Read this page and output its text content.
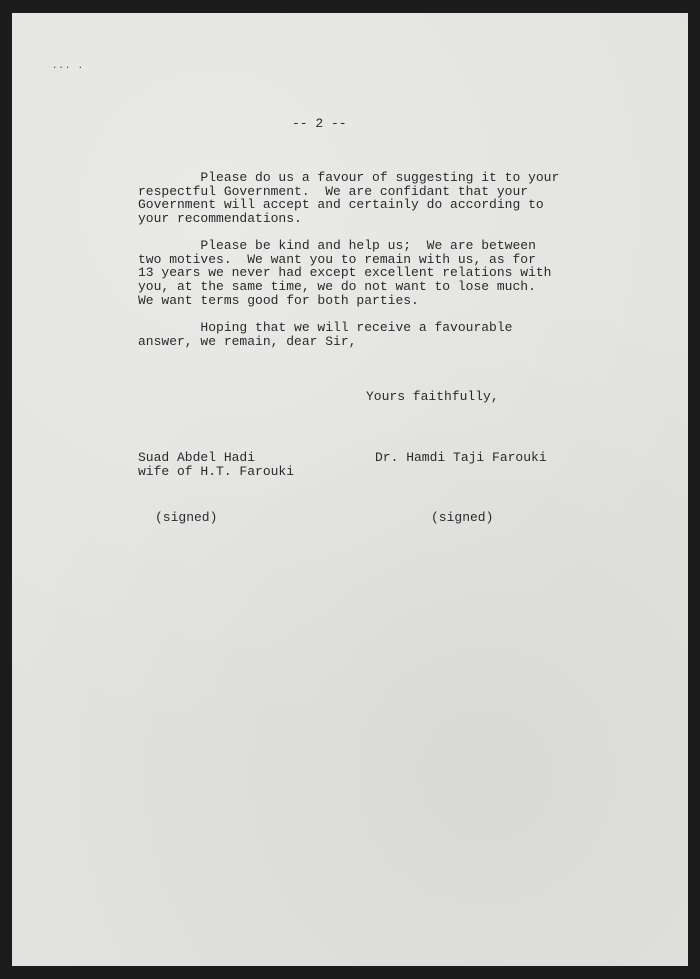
... .

-- 2 --

Please do us a favour of suggesting it to your
respectful Government.  We are confidant that your
Government will accept and certainly do according to
your recommendations.

Please be kind and help us;  We are between
two motives.  We want you to remain with us, as for
13 years we never had except excellent relations with
you, at the same time, we do not want to lose much.
We want terms good for both parties.

Hoping that we will receive a favourable
answer, we remain, dear Sir,

Yours faithfully,

Suad Abdel Hadi

wife of H.T. Farouki

Dr. Hamdi Taji Farouki

(signed)	(signed)
